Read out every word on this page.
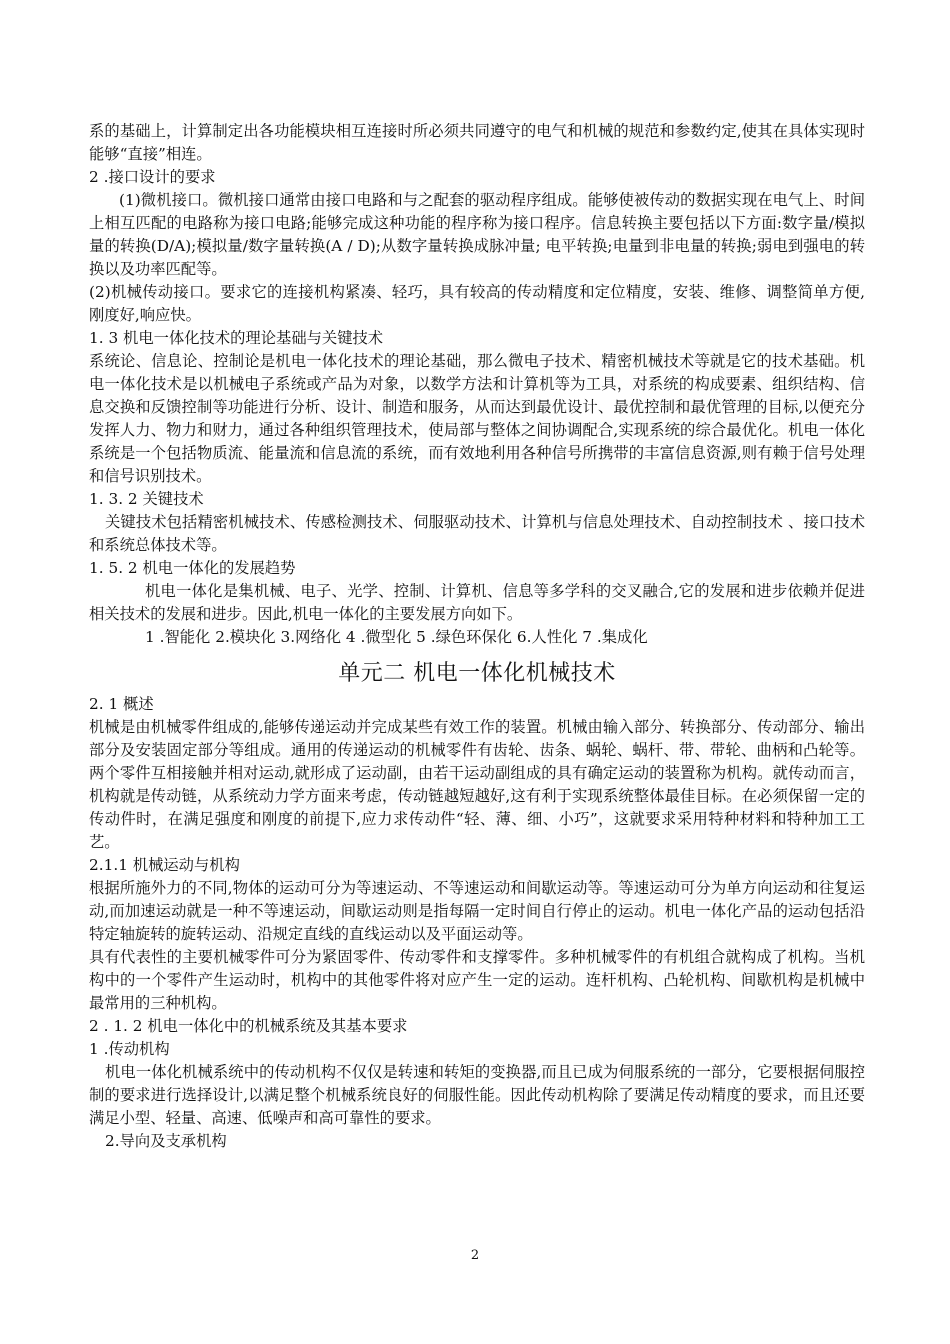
系的基础上，计算制定出各功能模块相互连接时所必须共同遵守的电气和机械的规范和参数约定,使其在具体实现时能够“直接”相连。

2 .接口设计的要求

(1)微机接口。微机接口通常由接口电路和与之配套的驱动程序组成。能够使被传动的数据实现在电气上、时间上相互匹配的电路称为接口电路;能够完成这种功能的程序称为接口程序。信息转换主要包括以下方面:数字量/模拟量的转换(D/A);模拟量/数字量转换(A / D);从数字量转换成脉冲量; 电平转换;电量到非电量的转换;弱电到强电的转换以及功率匹配等。

(2)机械传动接口。要求它的连接机构紧凑、轻巧，具有较高的传动精度和定位精度，安装、维修、调整简单方便,刚度好,响应快。

1. 3 机电一体化技术的理论基础与关键技术

系统论、信息论、控制论是机电一体化技术的理论基础，那么微电子技术、精密机械技术等就是它的技术基础。机电一体化技术是以机械电子系统或产品为对象，以数学方法和计算机等为工具，对系统的构成要素、组织结构、信息交换和反馈控制等功能进行分析、设计、制造和服务，从而达到最优设计、最优控制和最优管理的目标,以便充分发挥人力、物力和财力，通过各种组织管理技术，使局部与整体之间协调配合,实现系统的综合最优化。机电一体化系统是一个包括物质流、能量流和信息流的系统，而有效地利用各种信号所携带的丰富信息资源,则有赖于信号处理和信号识别技术。

1. 3. 2 关键技术

关键技术包括精密机械技术、传感检测技术、伺服驱动技术、计算机与信息处理技术、自动控制技术 、接口技术和系统总体技术等。

1. 5. 2 机电一体化的发展趋势

机电一体化是集机械、电子、光学、控制、计算机、信息等多学科的交叉融合,它的发展和进步依赖并促进相关技术的发展和进步。因此,机电一体化的主要发展方向如下。

1 .智能化 2.模块化 3.网络化 4 .微型化 5 .绿色环保化 6.人性化 7 .集成化

单元二 机电一体化机械技术

2. 1 概述

机械是由机械零件组成的,能够传递运动并完成某些有效工作的装置。机械由输入部分、转换部分、传动部分、输出部分及安装固定部分等组成。通用的传递运动的机械零件有齿轮、齿条、蜗轮、蜗杆、带、带轮、曲柄和凸轮等。两个零件互相接触并相对运动,就形成了运动副，由若干运动副组成的具有确定运动的装置称为机构。就传动而言，机构就是传动链，从系统动力学方面来考虑，传动链越短越好,这有利于实现系统整体最佳目标。在必须保留一定的传动件时，在满足强度和刚度的前提下,应力求传动件“轻、薄、细、小巧”，这就要求采用特种材料和特种加工工艺。

2.1.1 机械运动与机构

根据所施外力的不同,物体的运动可分为等速运动、不等速运动和间歇运动等。等速运动可分为单方向运动和往复运动,而加速运动就是一种不等速运动，间歇运动则是指每隔一定时间自行停止的运动。机电一体化产品的运动包括沿特定轴旋转的旋转运动、沿规定直线的直线运动以及平面运动等。

具有代表性的主要机械零件可分为紧固零件、传动零件和支撑零件。多种机械零件的有机组合就构成了机构。当机构中的一个零件产生运动时，机构中的其他零件将对应产生一定的运动。连杆机构、凸轮机构、间歇机构是机械中最常用的三种机构。

2 . 1. 2 机电一体化中的机械系统及其基本要求

1 .传动机构

机电一体化机械系统中的传动机构不仅仅是转速和转矩的变换器,而且已成为伺服系统的一部分，它要根据伺服控制的要求进行选择设计,以满足整个机械系统良好的伺服性能。因此传动机构除了要满足传动精度的要求，而且还要满足小型、轻量、高速、低噪声和高可靠性的要求。

2.导向及支承机构

2
